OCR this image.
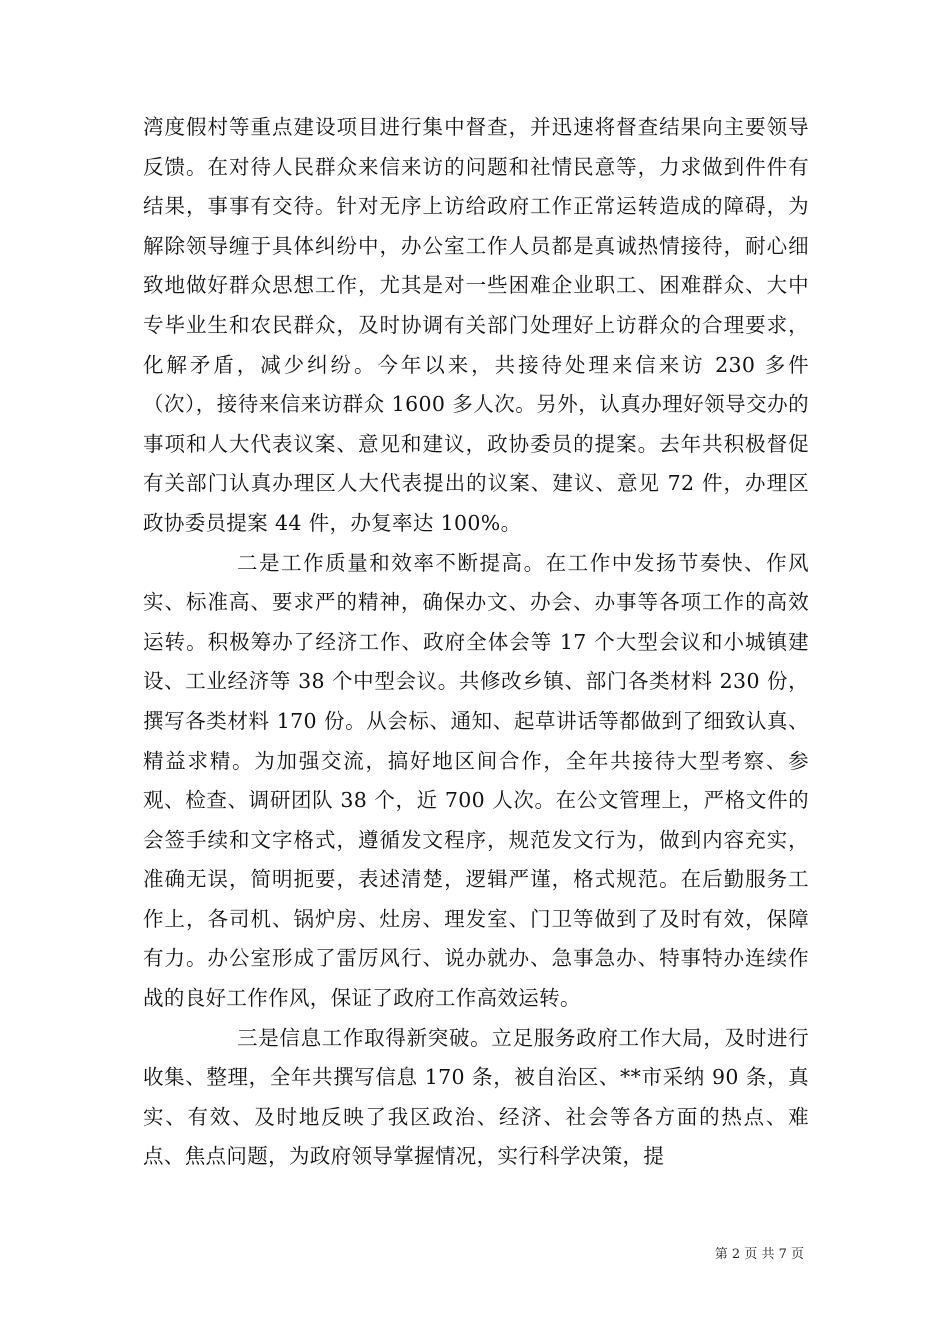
湾度假村等重点建设项目进行集中督查，并迅速将督查结果向主要领导反馈。在对待人民群众来信来访的问题和社情民意等，力求做到件件有结果，事事有交待。针对无序上访给政府工作正常运转造成的障碍，为解除领导缠于具体纠纷中，办公室工作人员都是真诚热情接待，耐心细致地做好群众思想工作，尤其是对一些困难企业职工、困难群众、大中专毕业生和农民群众，及时协调有关部门处理好上访群众的合理要求，化解矛盾，减少纠纷。今年以来，共接待处理来信来访 230 多件（次），接待来信来访群众 1600 多人次。另外，认真办理好领导交办的事项和人大代表议案、意见和建议，政协委员的提案。去年共积极督促有关部门认真办理区人大代表提出的议案、建议、意见 72 件，办理区政协委员提案 44 件，办复率达 100%。

二是工作质量和效率不断提高。在工作中发扬节奏快、作风实、标准高、要求严的精神，确保办文、办会、办事等各项工作的高效运转。积极筹办了经济工作、政府全体会等 17 个大型会议和小城镇建设、工业经济等 38 个中型会议。共修改乡镇、部门各类材料 230 份，撰写各类材料 170 份。从会标、通知、起草讲话等都做到了细致认真、精益求精。为加强交流，搞好地区间合作，全年共接待大型考察、参观、检查、调研团队 38 个，近 700 人次。在公文管理上，严格文件的会签手续和文字格式，遵循发文程序，规范发文行为，做到内容充实，准确无误，简明扼要，表述清楚，逻辑严谨，格式规范。在后勤服务工作上，各司机、锅炉房、灶房、理发室、门卫等做到了及时有效，保障有力。办公室形成了雷厉风行、说办就办、急事急办、特事特办连续作战的良好工作作风，保证了政府工作高效运转。

三是信息工作取得新突破。立足服务政府工作大局，及时进行收集、整理，全年共撰写信息 170 条，被自治区、**市采纳 90 条，真实、有效、及时地反映了我区政治、经济、社会等各方面的热点、难点、焦点问题，为政府领导掌握情况，实行科学决策，提

第 2 页 共 7 页
